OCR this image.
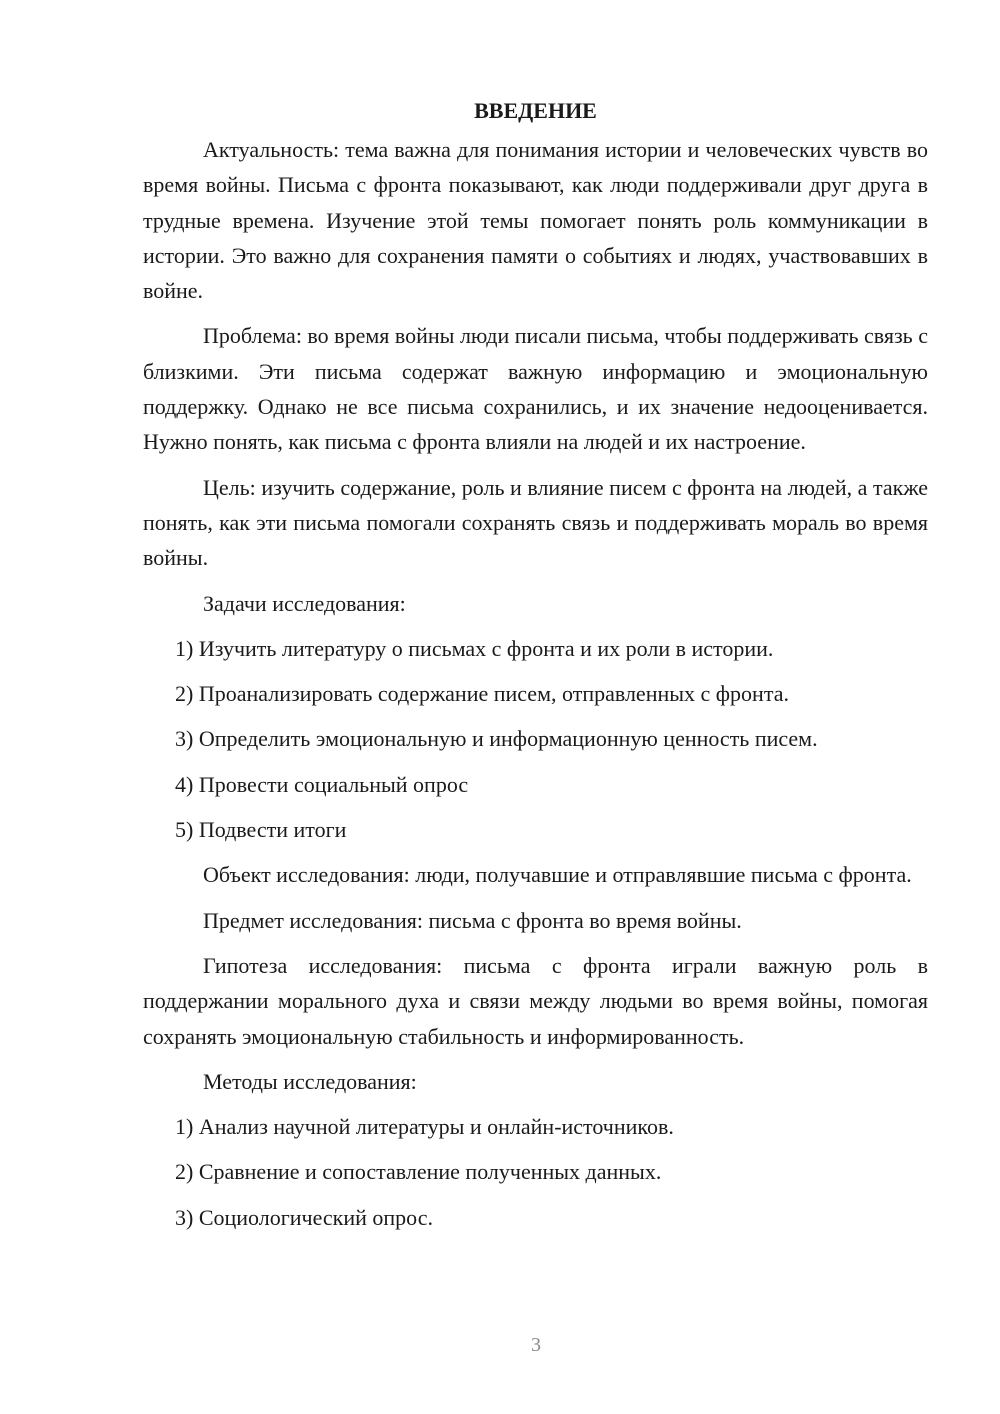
ВВЕДЕНИЕ

Актуальность: тема важна для понимания истории и человеческих чувств во время войны. Письма с фронта показывают, как люди поддерживали друг друга в трудные времена. Изучение этой темы помогает понять роль коммуникации в истории. Это важно для сохранения памяти о событиях и людях, участвовавших в войне.

Проблема: во время войны люди писали письма, чтобы поддерживать связь с близкими. Эти письма содержат важную информацию и эмоциональную поддержку. Однако не все письма сохранились, и их значение недооценивается. Нужно понять, как письма с фронта влияли на людей и их настроение.

Цель: изучить содержание, роль и влияние писем с фронта на людей, а также понять, как эти письма помогали сохранять связь и поддерживать мораль во время войны.

Задачи исследования:

1) Изучить литературу о письмах с фронта и их роли в истории.
2) Проанализировать содержание писем, отправленных с фронта.
3) Определить эмоциональную и информационную ценность писем.
4) Провести социальный опрос
5) Подвести итоги

Объект исследования: люди, получавшие и отправлявшие письма с фронта.

Предмет исследования: письма с фронта во время войны.

Гипотеза исследования: письма с фронта играли важную роль в поддержании морального духа и связи между людьми во время войны, помогая сохранять эмоциональную стабильность и информированность.

Методы исследования:

1) Анализ научной литературы и онлайн-источников.
2) Сравнение и сопоставление полученных данных.
3) Социологический опрос.
3
